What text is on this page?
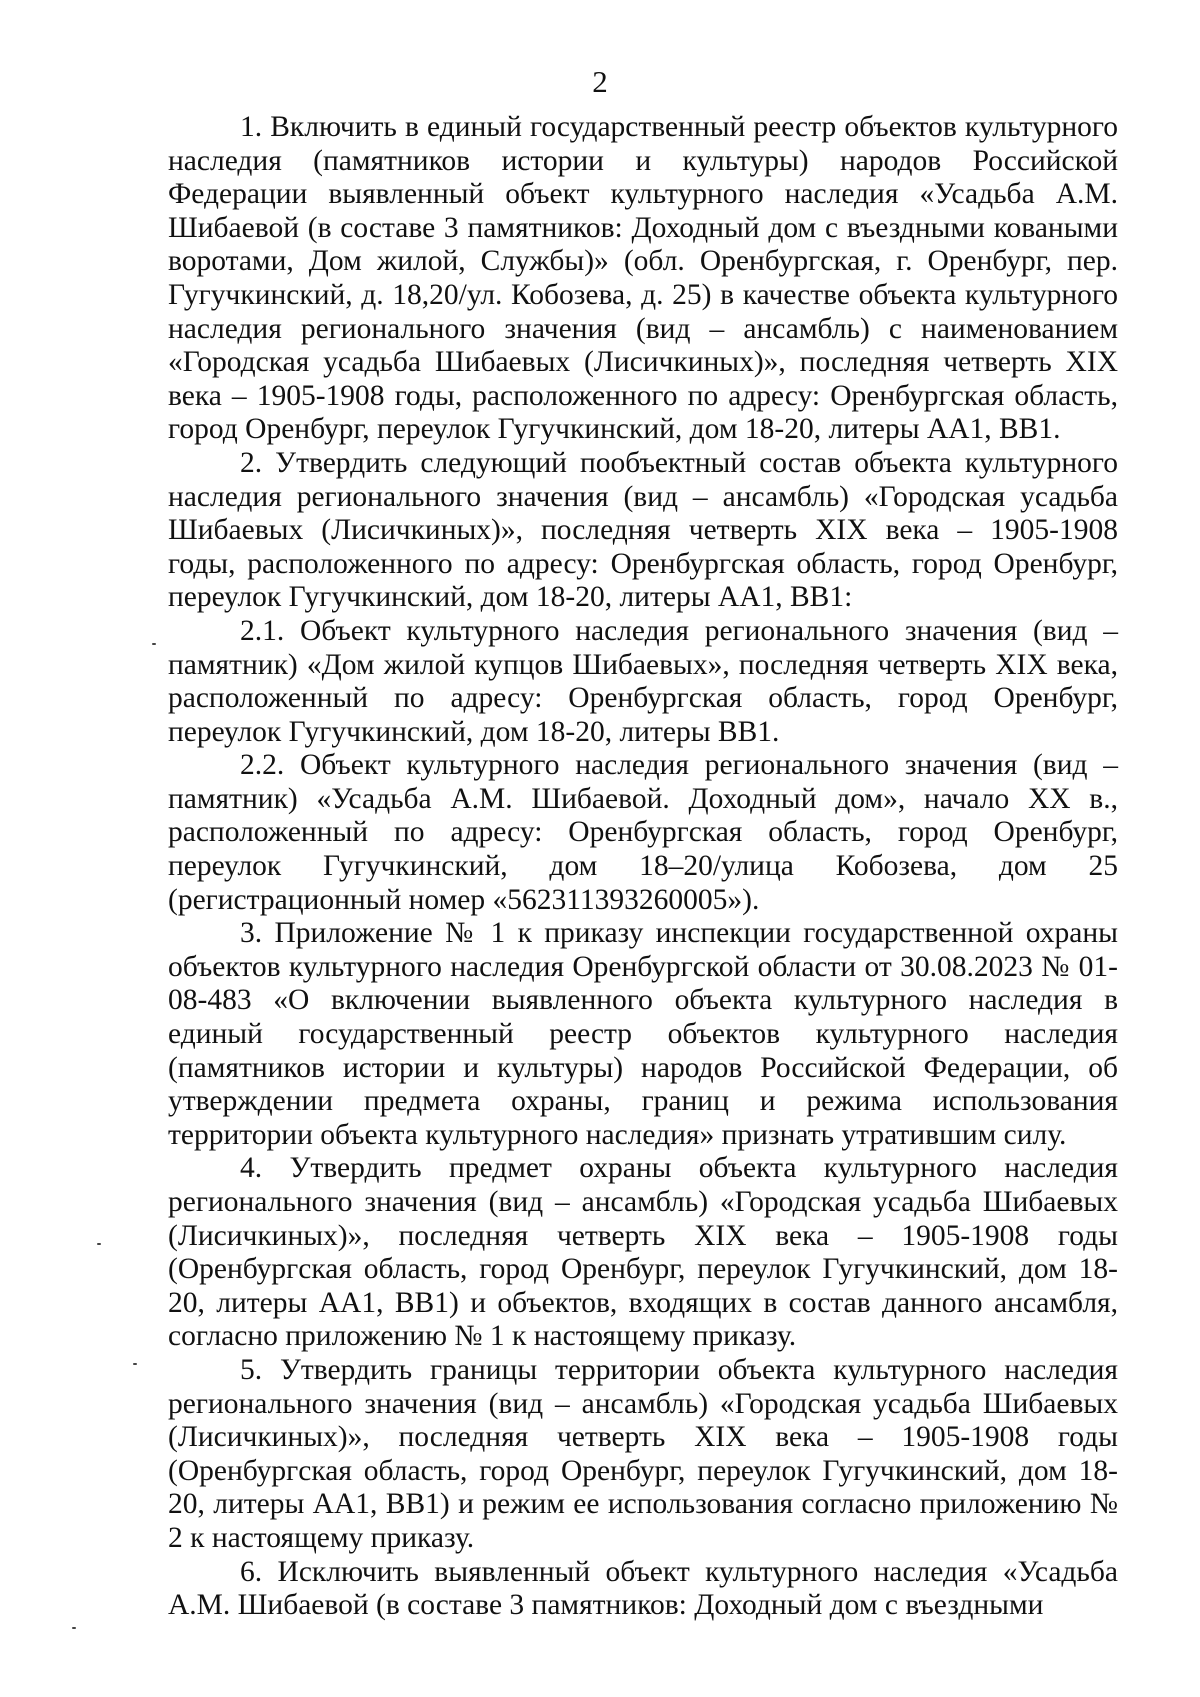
2

1. Включить в единый государственный реестр объектов культурного наследия (памятников истории и культуры) народов Российской Федерации выявленный объект культурного наследия «Усадьба А.М. Шибаевой (в составе 3 памятников: Доходный дом с въездными коваными воротами, Дом жилой, Службы)» (обл. Оренбургская, г. Оренбург, пер. Гугучкинский, д. 18,20/ул. Кобозева, д. 25) в качестве объекта культурного наследия регионального значения (вид – ансамбль) с наименованием «Городская усадьба Шибаевых (Лисичкиных)», последняя четверть XIX века – 1905-1908 годы, расположенного по адресу: Оренбургская область, город Оренбург, переулок Гугучкинский, дом 18-20, литеры АА1, ВВ1.

2. Утвердить следующий пообъектный состав объекта культурного наследия регионального значения (вид – ансамбль) «Городская усадьба Шибаевых (Лисичкиных)», последняя четверть XIX века – 1905-1908 годы, расположенного по адресу: Оренбургская область, город Оренбург, переулок Гугучкинский, дом 18-20, литеры АА1, ВВ1:

2.1. Объект культурного наследия регионального значения (вид – памятник) «Дом жилой купцов Шибаевых», последняя четверть XIX века, расположенный по адресу: Оренбургская область, город Оренбург, переулок Гугучкинский, дом 18-20, литеры ВВ1.

2.2. Объект культурного наследия регионального значения (вид – памятник) «Усадьба А.М. Шибаевой. Доходный дом», начало XX в., расположенный по адресу: Оренбургская область, город Оренбург, переулок Гугучкинский, дом 18–20/улица Кобозева, дом 25 (регистрационный номер «562311393260005»).

3. Приложение № 1 к приказу инспекции государственной охраны объектов культурного наследия Оренбургской области от 30.08.2023 № 01-08-483 «О включении выявленного объекта культурного наследия в единый государственный реестр объектов культурного наследия (памятников истории и культуры) народов Российской Федерации, об утверждении предмета охраны, границ и режима использования территории объекта культурного наследия» признать утратившим силу.

4. Утвердить предмет охраны объекта культурного наследия регионального значения (вид – ансамбль) «Городская усадьба Шибаевых (Лисичкиных)», последняя четверть XIX века – 1905-1908 годы (Оренбургская область, город Оренбург, переулок Гугучкинский, дом 18-20, литеры АА1, ВВ1) и объектов, входящих в состав данного ансамбля, согласно приложению № 1 к настоящему приказу.

5. Утвердить границы территории объекта культурного наследия регионального значения (вид – ансамбль) «Городская усадьба Шибаевых (Лисичкиных)», последняя четверть XIX века – 1905-1908 годы (Оренбургская область, город Оренбург, переулок Гугучкинский, дом 18-20, литеры АА1, ВВ1) и режим ее использования согласно приложению № 2 к настоящему приказу.

6. Исключить выявленный объект культурного наследия «Усадьба А.М. Шибаевой (в составе 3 памятников: Доходный дом с въездными
